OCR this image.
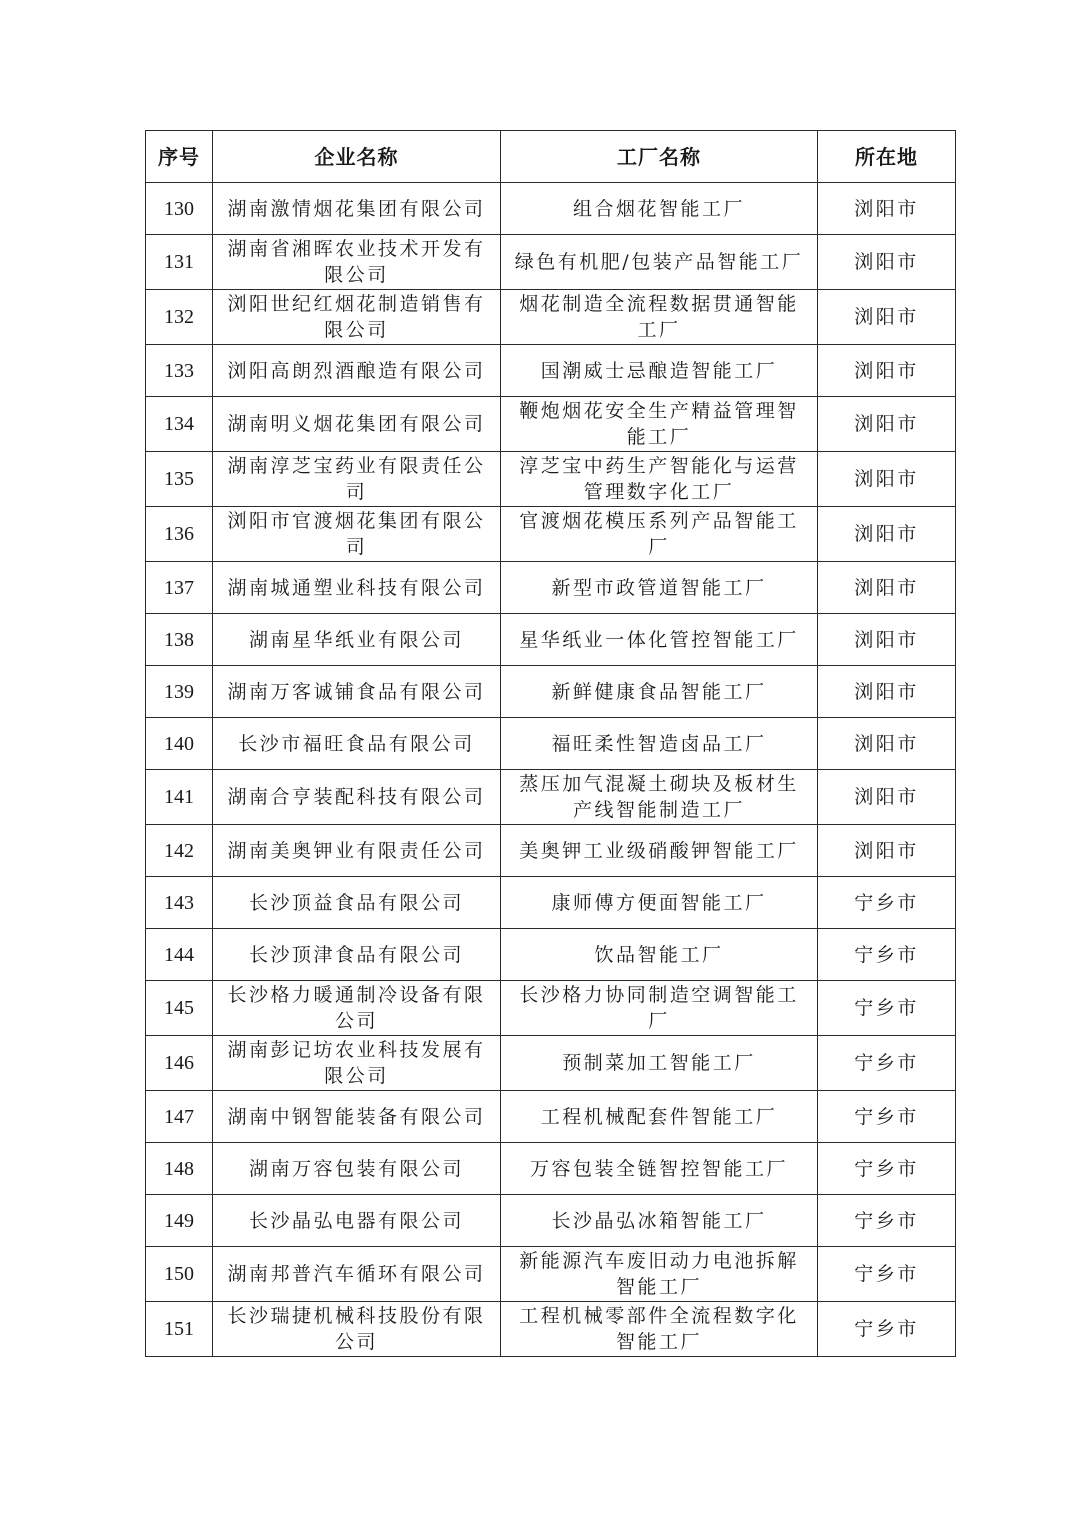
序号	企业名称	工厂名称	所在地
130	湖南激情烟花集团有限公司	组合烟花智能工厂	浏阳市
131	湖南省湘晖农业技术开发有限公司	绿色有机肥/包装产品智能工厂	浏阳市
132	浏阳世纪红烟花制造销售有限公司	烟花制造全流程数据贯通智能工厂	浏阳市
133	浏阳高朗烈酒酿造有限公司	国潮威士忌酿造智能工厂	浏阳市
134	湖南明义烟花集团有限公司	鞭炮烟花安全生产精益管理智能工厂	浏阳市
135	湖南淳芝宝药业有限责任公司	淳芝宝中药生产智能化与运营管理数字化工厂	浏阳市
136	浏阳市官渡烟花集团有限公司	官渡烟花模压系列产品智能工厂	浏阳市
137	湖南城通塑业科技有限公司	新型市政管道智能工厂	浏阳市
138	湖南星华纸业有限公司	星华纸业一体化管控智能工厂	浏阳市
139	湖南万客诚铺食品有限公司	新鲜健康食品智能工厂	浏阳市
140	长沙市福旺食品有限公司	福旺柔性智造卤品工厂	浏阳市
141	湖南合亨装配科技有限公司	蒸压加气混凝土砌块及板材生产线智能制造工厂	浏阳市
142	湖南美奥钾业有限责任公司	美奥钾工业级硝酸钾智能工厂	浏阳市
143	长沙顶益食品有限公司	康师傅方便面智能工厂	宁乡市
144	长沙顶津食品有限公司	饮品智能工厂	宁乡市
145	长沙格力暖通制冷设备有限公司	长沙格力协同制造空调智能工厂	宁乡市
146	湖南彭记坊农业科技发展有限公司	预制菜加工智能工厂	宁乡市
147	湖南中钢智能装备有限公司	工程机械配套件智能工厂	宁乡市
148	湖南万容包装有限公司	万容包装全链智控智能工厂	宁乡市
149	长沙晶弘电器有限公司	长沙晶弘冰箱智能工厂	宁乡市
150	湖南邦普汽车循环有限公司	新能源汽车废旧动力电池拆解智能工厂	宁乡市
151	长沙瑞捷机械科技股份有限公司	工程机械零部件全流程数字化智能工厂	宁乡市
